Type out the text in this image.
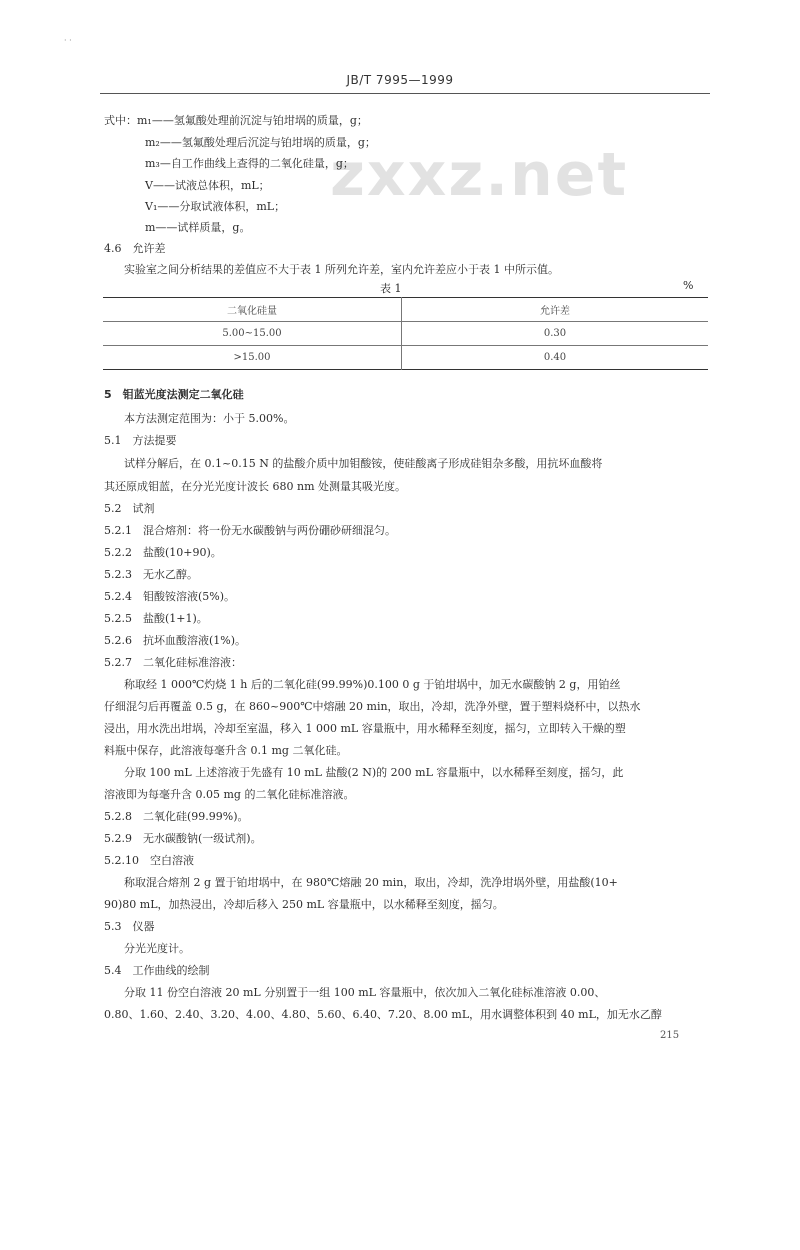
· ·
JB/T 7995—1999
zxxz.net
式中：m₁——氢氟酸处理前沉淀与铂坩埚的质量，g；
m₂——氢氟酸处理后沉淀与铂坩埚的质量，g；
m₃—自工作曲线上查得的二氧化硅量，g；
V——试液总体积，mL；
V₁——分取试液体积，mL；
m——试样质量，g。
4.6　允许差
实验室之间分析结果的差值应不大于表 1 所列允许差，室内允许差应小于表 1 中所示值。
表 1	%
二氧化硅量	允许差
5.00~15.00	0.30
>15.00	0.40
5　钼蓝光度法测定二氧化硅
本方法测定范围为：小于 5.00%。
5.1　方法提要
试样分解后，在 0.1~0.15 N 的盐酸介质中加钼酸铵，使硅酸离子形成硅钼杂多酸，用抗坏血酸将
其还原成钼蓝，在分光光度计波长 680 nm 处测量其吸光度。
5.2　试剂
5.2.1　混合熔剂：将一份无水碳酸钠与两份硼砂研细混匀。
5.2.2　盐酸(10+90)。
5.2.3　无水乙醇。
5.2.4　钼酸铵溶液(5%)。
5.2.5　盐酸(1+1)。
5.2.6　抗坏血酸溶液(1%)。
5.2.7　二氧化硅标准溶液：
称取经 1 000℃灼烧 1 h 后的二氧化硅(99.99%)0.100 0 g 于铂坩埚中，加无水碳酸钠 2 g，用铂丝
仔细混匀后再覆盖 0.5 g，在 860~900℃中熔融 20 min，取出，冷却，洗净外壁，置于塑料烧杯中，以热水
浸出，用水洗出坩埚，冷却至室温，移入 1 000 mL 容量瓶中，用水稀释至刻度，摇匀，立即转入干燥的塑
料瓶中保存，此溶液每毫升含 0.1 mg 二氧化硅。
分取 100 mL 上述溶液于先盛有 10 mL 盐酸(2 N)的 200 mL 容量瓶中，以水稀释至刻度，摇匀，此
溶液即为每毫升含 0.05 mg 的二氧化硅标准溶液。
5.2.8　二氧化硅(99.99%)。
5.2.9　无水碳酸钠(一级试剂)。
5.2.10　空白溶液
称取混合熔剂 2 g 置于铂坩埚中，在 980℃熔融 20 min，取出，冷却，洗净坩埚外壁，用盐酸(10+
90)80 mL，加热浸出，冷却后移入 250 mL 容量瓶中，以水稀释至刻度，摇匀。
5.3　仪器
分光光度计。
5.4　工作曲线的绘制
分取 11 份空白溶液 20 mL 分别置于一组 100 mL 容量瓶中，依次加入二氧化硅标准溶液 0.00、
0.80、1.60、2.40、3.20、4.00、4.80、5.60、6.40、7.20、8.00 mL，用水调整体积到 40 mL，加无水乙醇
215
